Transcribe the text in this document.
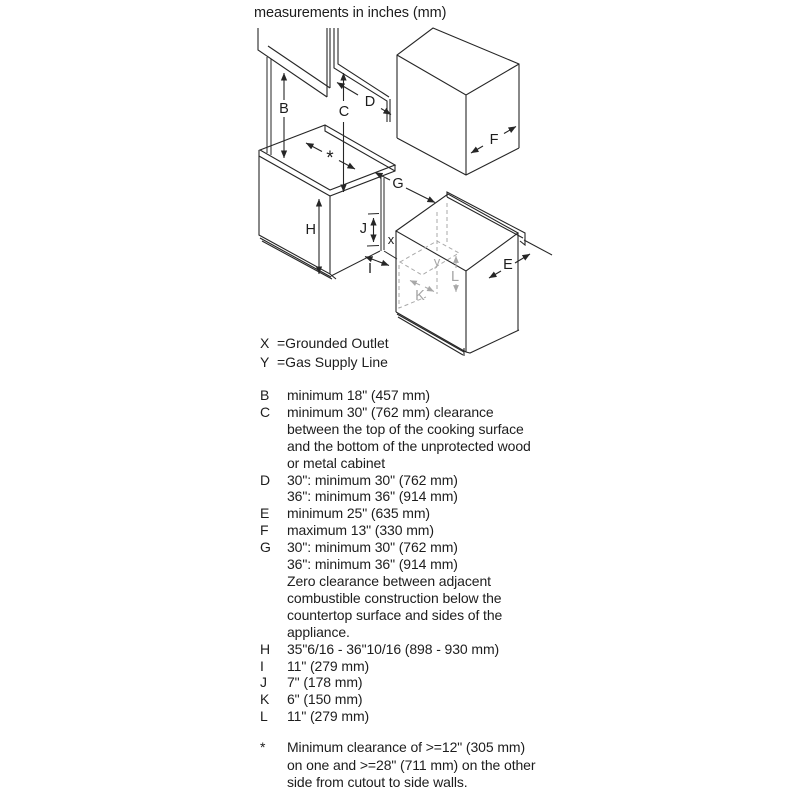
measurements in inches (mm)
B	C
D
F
*
G
H	J
x
I	E
y
K
L
X =Grounded Outlet
Y =Gas Supply Line
B	minimum 18" (457 mm)
C	minimum 30" (762 mm) clearance
between the top of the cooking surface
and the bottom of the unprotected wood
or metal cabinet
D	30": minimum 30" (762 mm)
36": minimum 36" (914 mm)
E	minimum 25" (635 mm)
F	maximum 13" (330 mm)
G	30": minimum 30" (762 mm)
36": minimum 36" (914 mm)
Zero clearance between adjacent
combustible construction below the
countertop surface and sides of the
appliance.
H	35"6/16 - 36"10/16 (898 - 930 mm)
I	11" (279 mm)
J	7" (178 mm)
K	6" (150 mm)
L	11" (279 mm)
*	Minimum clearance of >=12" (305 mm)
on one and >=28" (711 mm) on the other
side from cutout to side walls.
